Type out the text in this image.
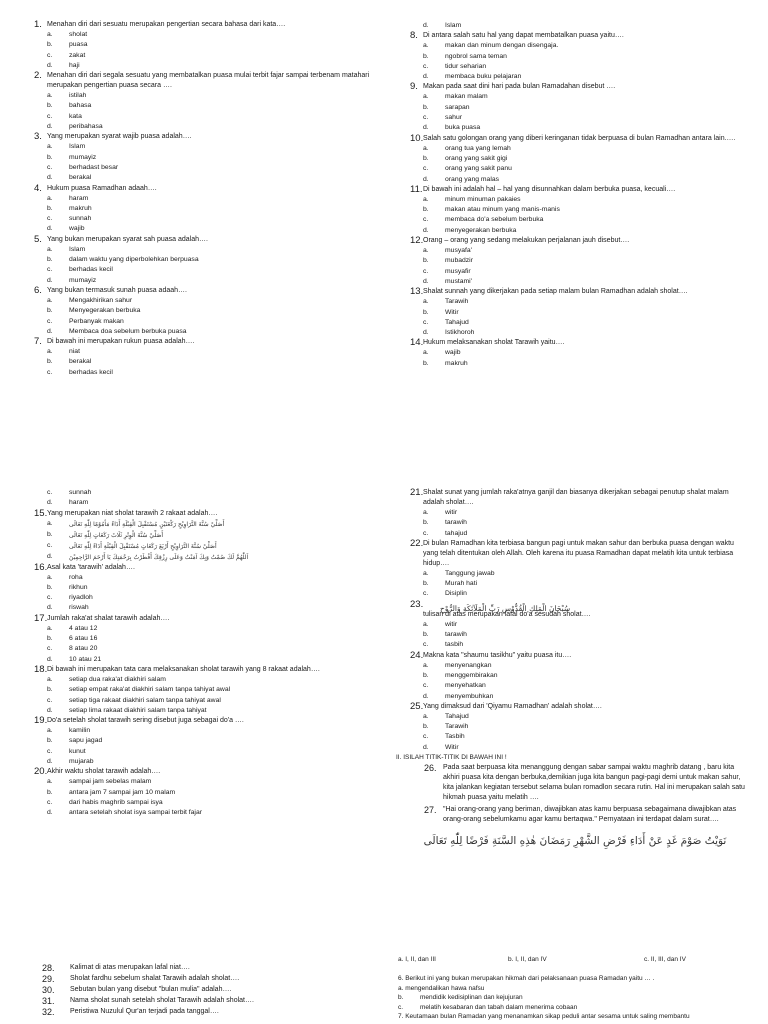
1. Menahan diri dari sesuatu merupakan pengertian secara bahasa dari kata….
a.	sholat
b.	puasa
c.	zakat
d.	haji
2. Menahan diri dari segala sesuatu yang membatalkan puasa mulai terbit fajar sampai terbenam matahari merupakan pengertian puasa secara ….
a.	istilah
b.	bahasa
c.	kata
d.	peribahasa
3. Yang merupakan syarat wajib puasa adalah….
a.	Islam
b.	mumayiz
c.	berhadast besar
d.	berakal
4. Hukum puasa Ramadhan adaah….
a.	haram
b.	makruh
c.	sunnah
d.	wajib
5. Yang bukan merupakan syarat sah puasa adalah….
a.	Islam
b.	dalam waktu yang diperbolehkan berpuasa
c.	berhadas kecil
d.	mumayiz
6. Yang bukan termasuk sunah puasa adaah….
a.	Mengakhirikan sahur
b.	Menyegerakan berbuka
c.	Perbanyak makan
d.	Membaca doa sebelum berbuka puasa
7. Di bawah ini merupakan rukun puasa adalah….
a.	niat
b.	berakal
c.	berhadas kecil
d.	Islam
8. Di antara salah satu hal yang dapat membatalkan puasa yaitu….
a.	makan dan minum dengan disengaja.
b.	ngobrol sama teman
c.	tidur seharian
d.	membaca buku pelajaran
9. Makan pada saat dini hari pada bulan Ramadahan disebut ….
a.	makan malam
b.	sarapan
c.	sahur
d.	buka puasa
10. Salah satu golongan orang yang diberi keringanan tidak berpuasa di bulan Ramadhan antara lain.….
a.	orang tua yang lemah
b.	orang yang sakit gigi
c.	orang yang sakit panu
d.	orang yang malas
11. Di bawah ini adalah hal – hal yang disunnahkan dalam berbuka puasa, kecuali….
a.	minum minuman pakaies
b.	makan atau minum yang manis-manis
c.	membaca do'a sebelum berbuka
d.	menyegerakan berbuka
12. Orang – orang yang sedang melakukan perjalanan jauh disebut….
a.	musyafa'
b.	mubadzir
c.	musyafir
d.	mustami'
13. Shalat sunnah yang dikerjakan pada setiap malam bulan Ramadhan adalah sholat….
a.	Tarawih
b.	Witir
c.	Tahajud
d.	Istikhoroh
14. Hukum melaksanakan sholat Tarawih yaitu….
a.	wajib
b.	makruh
c.	sunnah
d.	haram
15. Yang merupakan niat sholat tarawih 2 rakaat adalah….
a.	أُصَلِّيْ سُنَّةَ التَّرَاوِيْحِ رَكْعَتَيْنِ مُسْتَقْبِلَ الْقِبْلَةِ أَدَاءً مَأْمُوْمًا لِلّٰهِ تَعَالَى
b.	أُصَلِّيْ سُنَّةَ الْوِتْرِ ثَلَاثَ رَكَعَاتٍ لِلّٰهِ تَعَالَى
c.	أُصَلِّيْ سُنَّةَ التَّرَاوِيْحِ أَرْبَعَ رَكَعَاتٍ مُسْتَقْبِلَ الْقِبْلَةِ أَدَاءً لِلّٰهِ تَعَالَى
d.	اَللّٰهُمَّ لَكَ صُمْتُ وَبِكَ آمَنْتُ وَعَلَى رِزْقِكَ أَفْطَرْتُ بِرَحْمَتِكَ يَا أَرْحَمَ الرَّاحِمِيْنَ
16. Asal kata 'tarawih' adalah….
a.	roha
b.	rikhun
c.	riyadloh
d.	riswah
17. Jumlah raka'at shalat tarawih adalah….
a.	4 atau 12
b.	6 atau 16
c.	8 atau 20
d.	10 atau 21
18. Di bawah ini merupakan tata cara melaksanakan sholat tarawih yang 8 rakaat adalah….
a.	setiap dua raka'at diakhiri salam
b.	setiap empat raka'at diakhiri salam tanpa tahiyat awal
c.	setiap tiga rakaat diakhiri salam tanpa tahiyat awal
d.	setiap lima rakaat diakhiri salam tanpa tahiyat
19. Do'a setelah sholat tarawih sering disebut juga sebagai do'a ….
a.	kamilin
b.	sapu jagad
c.	kunut
d.	mujarab
20. Akhir waktu sholat tarawih adalah….
a.	sampai jam sebelas malam
b.	antara jam 7 sampai jam 10 malam
c.	dari habis maghrib sampai isya
d.	antara setelah sholat isya sampai terbit fajar
21. Shalat sunat yang jumlah raka'atnya ganjil dan biasanya dikerjakan sebagai penutup shalat malam adalah sholat….
a.	witir
b.	tarawih
c.	tahajud
22. Di bulan Ramadhan kita terbiasa bangun pagi untuk makan sahur dan berbuka puasa dengan waktu yang telah ditentukan oleh Allah. Oleh karena itu puasa Ramadhan dapat melatih kita untuk terbiasa hidup….
a.	Tanggung jawab
b.	Murah hati
c.	Disiplin
23.	سُبْحَانَ الْمَلِكِ الْقُدُّوْسِ رَبِّ الْمَلَآئِكَةِ وَالرُّوْحِ
tulisan di atas merupakan lafal do'a sesudah sholat….
a.	witir
b.	tarawih
c.	tasbih
24. Makna kata "shaumu tasikhu" yaitu puasa itu….
a.	menyenangkan
b.	menggembirakan
c.	menyehatkan
d.	menyembuhkan
25. Yang dimaksud dari 'Qiyamu Ramadhan' adalah sholat….
a.	Tahajud
b.	Tarawih
c.	Tasbih
d.	Witir
II. ISILAH TITIK-TITIK DI BAWAH INI !
26. Pada saat berpuasa kita menanggung dengan sabar sampai waktu maghrib datang , baru kita akhiri puasa kita dengan berbuka,demikian juga kita bangun pagi-pagi demi untuk makan sahur, kita jalankan kegiatan tersebut selama bulan romadlon secara rutin. Hal ini merupakan salah satu hikmah puasa yaitu melatih ….
27. "Hai orang-orang yang beriman, diwajibkan atas kamu berpuasa sebagaimana diwajibkan atas orang-orang sebelumkamu agar kamu bertaqwa." Pernyataan ini terdapat dalam surat….
نَوَيْتُ صَوْمَ غَدٍ عَنْ أَدَاءِ فَرْضِ الشَّهْرِ رَمَضَانَ هٰذِهِ السَّنَةِ فَرْضًا لِلّٰهِ تَعَالَى
28.	Kalimat di atas merupakan lafal niat….
29.	Sholat fardhu sebelum shalat Tarawih adalah sholat….
30.	Sebutan bulan yang disebut "bulan mulia" adalah….
31.	Nama sholat sunah setelah sholat Tarawih adalah sholat….
32.	Peristiwa Nuzulul Qur'an terjadi pada tanggal….
a. I, II, dan III	b. I, II, dan IV	c. II, III, dan IV
6. Berikut ini yang bukan merupakan hikmah dari pelaksanaan puasa Ramadan yaitu … . a. mengendalikan hawa nafsu
b.	mendidik kedisiplinan dan kejujuran
c.	melatih kesabaran dan tabah dalam menerima cobaan
7. Keutamaan bulan Ramadan yang menanamkan sikap peduli antar sesama untuk saling membantu
